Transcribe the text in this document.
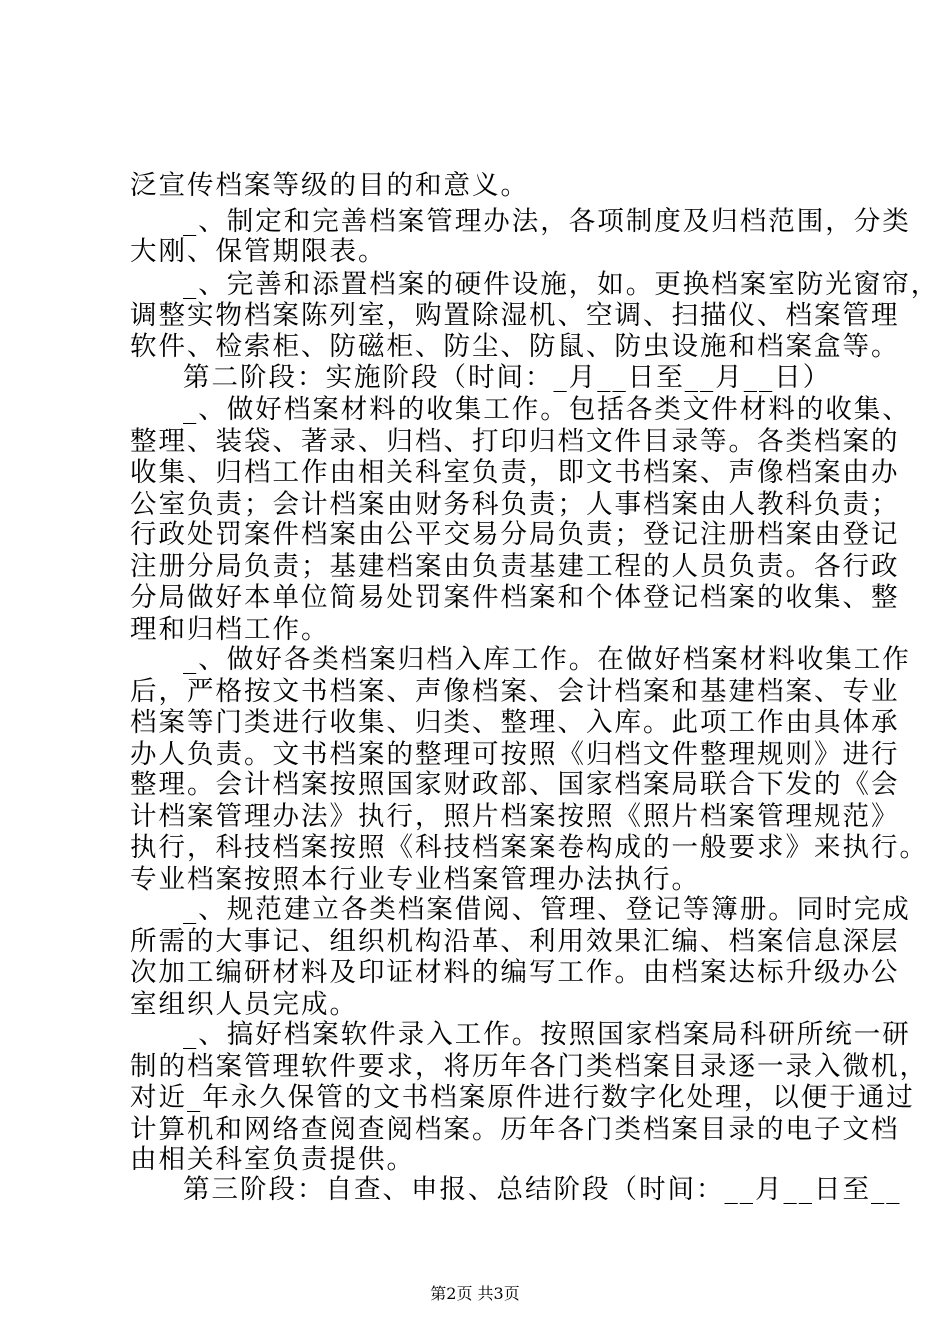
泛宣传档案等级的目的和意义。
_、制定和完善档案管理办法，各项制度及归档范围，分类
大刚、保管期限表。
_、完善和添置档案的硬件设施，如。更换档案室防光窗帘，
调整实物档案陈列室，购置除湿机、空调、扫描仪、档案管理
软件、检索柜、防磁柜、防尘、防鼠、防虫设施和档案盒等。
第二阶段：实施阶段（时间：_月__日至__月__日）
_、做好档案材料的收集工作。包括各类文件材料的收集、
整理、装袋、著录、归档、打印归档文件目录等。各类档案的
收集、归档工作由相关科室负责，即文书档案、声像档案由办
公室负责；会计档案由财务科负责；人事档案由人教科负责；
行政处罚案件档案由公平交易分局负责；登记注册档案由登记
注册分局负责；基建档案由负责基建工程的人员负责。各行政
分局做好本单位简易处罚案件档案和个体登记档案的收集、整
理和归档工作。
_、做好各类档案归档入库工作。在做好档案材料收集工作
后，严格按文书档案、声像档案、会计档案和基建档案、专业
档案等门类进行收集、归类、整理、入库。此项工作由具体承
办人负责。文书档案的整理可按照《归档文件整理规则》进行
整理。会计档案按照国家财政部、国家档案局联合下发的《会
计档案管理办法》执行，照片档案按照《照片档案管理规范》
执行，科技档案按照《科技档案案卷构成的一般要求》来执行。
专业档案按照本行业专业档案管理办法执行。
_、规范建立各类档案借阅、管理、登记等簿册。同时完成
所需的大事记、组织机构沿革、利用效果汇编、档案信息深层
次加工编研材料及印证材料的编写工作。由档案达标升级办公
室组织人员完成。
_、搞好档案软件录入工作。按照国家档案局科研所统一研
制的档案管理软件要求，将历年各门类档案目录逐一录入微机，
对近_年永久保管的文书档案原件进行数字化处理，以便于通过
计算机和网络查阅查阅档案。历年各门类档案目录的电子文档
由相关科室负责提供。
第三阶段：自查、申报、总结阶段（时间：__月__日至__
第2页 共3页
